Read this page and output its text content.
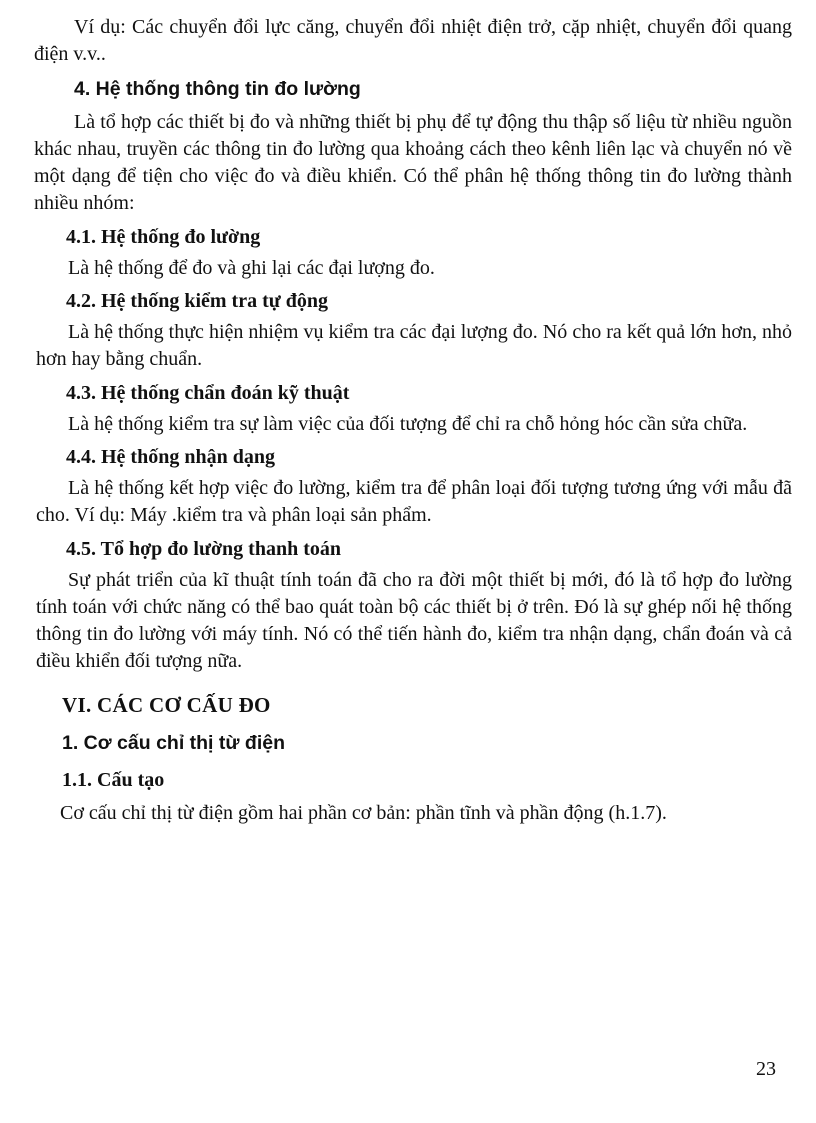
Ví dụ: Các chuyển đổi lực căng, chuyển đổi nhiệt điện trở, cặp nhiệt, chuyển đổi quang điện v.v..

4. Hệ thống thông tin đo lường

Là tổ hợp các thiết bị đo và những thiết bị phụ để tự động thu thập số liệu từ nhiều nguồn khác nhau, truyền các thông tin đo lường qua khoảng cách theo kênh liên lạc và chuyển nó về một dạng để tiện cho việc đo và điều khiển. Có thể phân hệ thống thông tin đo lường thành nhiều nhóm:

4.1. Hệ thống đo lường

Là hệ thống để đo và ghi lại các đại lượng đo.

4.2. Hệ thống kiểm tra tự động

Là hệ thống thực hiện nhiệm vụ kiểm tra các đại lượng đo. Nó cho ra kết quả lớn hơn, nhỏ hơn hay bằng chuẩn.

4.3. Hệ thống chẩn đoán kỹ thuật

Là hệ thống kiểm tra sự làm việc của đối tượng để chỉ ra chỗ hỏng hóc cần sửa chữa.

4.4. Hệ thống nhận dạng

Là hệ thống kết hợp việc đo lường, kiểm tra để phân loại đối tượng tương ứng với mẫu đã cho. Ví dụ: Máy .kiểm tra và phân loại sản phẩm.

4.5. Tổ hợp đo lường thanh toán

Sự phát triển của kĩ thuật tính toán đã cho ra đời một thiết bị mới, đó là tổ hợp đo lường tính toán với chức năng có thể bao quát toàn bộ các thiết bị ở trên. Đó là sự ghép nối hệ thống thông tin đo lường với máy tính. Nó có thể tiến hành đo, kiểm tra nhận dạng, chẩn đoán và cả điều khiển đối tượng nữa.

VI. CÁC CƠ CẤU ĐO
1. Cơ cấu chỉ thị từ điện
1.1. Cấu tạo

Cơ cấu chỉ thị từ điện gồm hai phần cơ bản: phần tĩnh và phần động (h.1.7).

23
